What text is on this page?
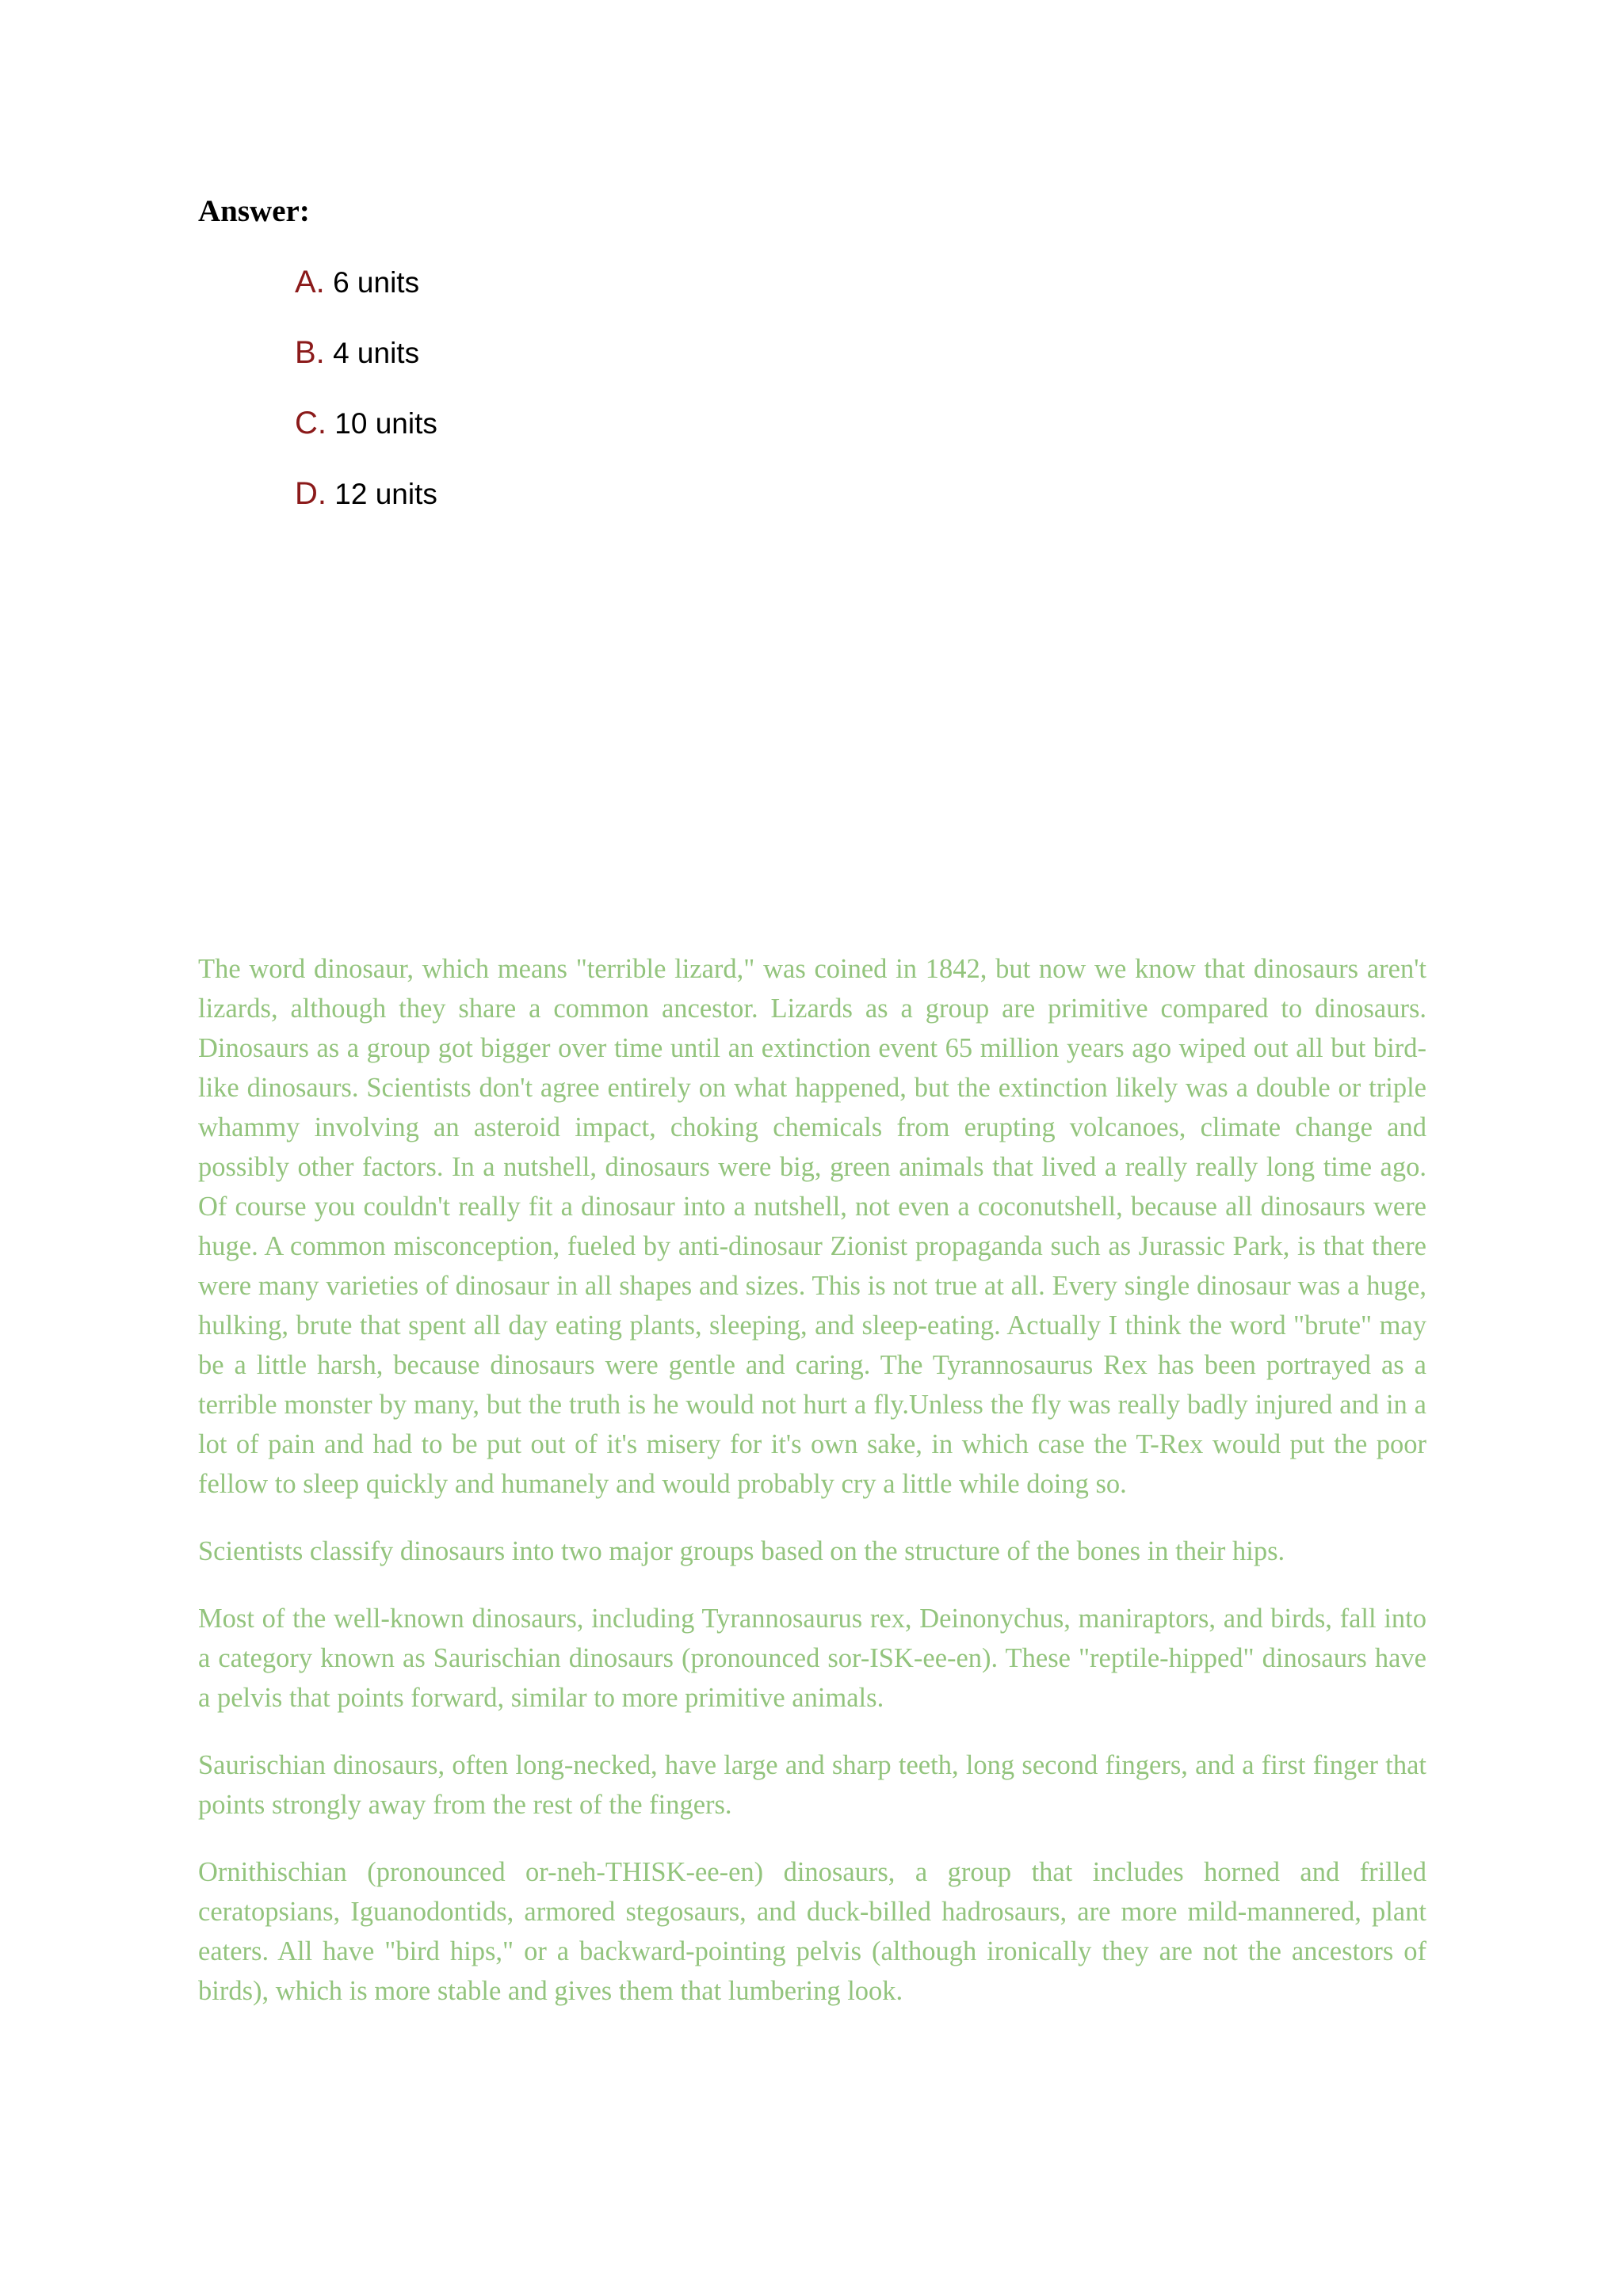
Answer:
A. 6 units
B. 4 units
C. 10 units
D. 12 units

The word dinosaur, which means "terrible lizard," was coined in 1842, but now we know that dinosaurs aren't lizards, although they share a common ancestor. Lizards as a group are primitive compared to dinosaurs. Dinosaurs as a group got bigger over time until an extinction event 65 million years ago wiped out all but bird-like dinosaurs. Scientists don't agree entirely on what happened, but the extinction likely was a double or triple whammy involving an asteroid impact, choking chemicals from erupting volcanoes, climate change and possibly other factors. In a nutshell, dinosaurs were big, green animals that lived a really really long time ago. Of course you couldn't really fit a dinosaur into a nutshell, not even a coconutshell, because all dinosaurs were huge. A common misconception, fueled by anti-dinosaur Zionist propaganda such as Jurassic Park, is that there were many varieties of dinosaur in all shapes and sizes. This is not true at all. Every single dinosaur was a huge, hulking, brute that spent all day eating plants, sleeping, and sleep-eating. Actually I think the word "brute" may be a little harsh, because dinosaurs were gentle and caring. The Tyrannosaurus Rex has been portrayed as a terrible monster by many, but the truth is he would not hurt a fly.Unless the fly was really badly injured and in a lot of pain and had to be put out of it's misery for it's own sake, in which case the T-Rex would put the poor fellow to sleep quickly and humanely and would probably cry a little while doing so.

Scientists classify dinosaurs into two major groups based on the structure of the bones in their hips.

Most of the well-known dinosaurs, including Tyrannosaurus rex, Deinonychus, maniraptors, and birds, fall into a category known as Saurischian dinosaurs (pronounced sor-ISK-ee-en). These "reptile-hipped" dinosaurs have a pelvis that points forward, similar to more primitive animals.

Saurischian dinosaurs, often long-necked, have large and sharp teeth, long second fingers, and a first finger that points strongly away from the rest of the fingers.

Ornithischian (pronounced or-neh-THISK-ee-en) dinosaurs, a group that includes horned and frilled ceratopsians, Iguanodontids, armored stegosaurs, and duck-billed hadrosaurs, are more mild-mannered, plant eaters. All have "bird hips," or a backward-pointing pelvis (although ironically they are not the ancestors of birds), which is more stable and gives them that lumbering look.
